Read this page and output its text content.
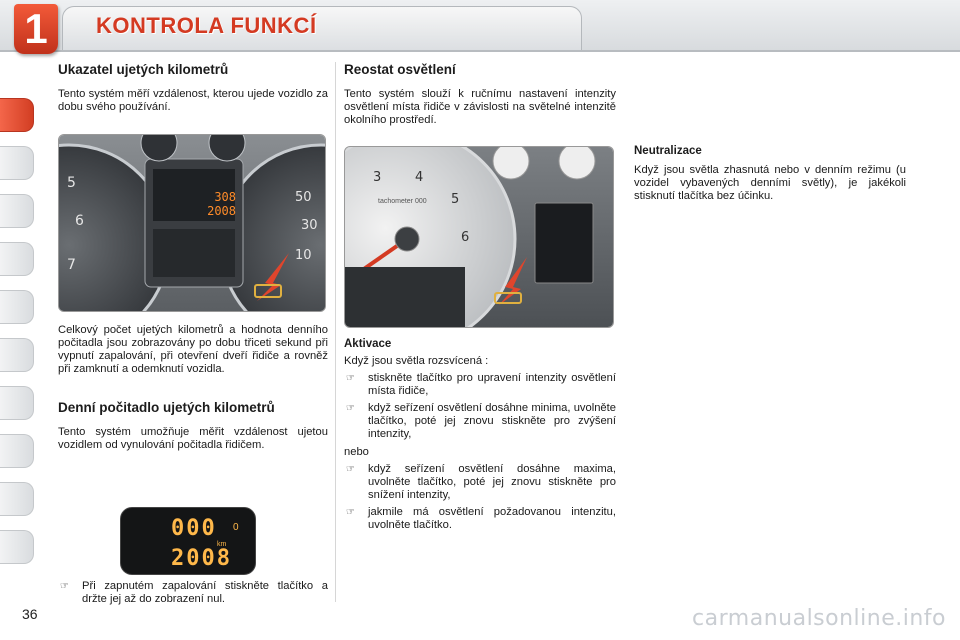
1	KONTROLA FUNKCÍ
Ukazatel ujetých kilometrů

Tento systém měří vzdálenost, kterou ujede vozidlo za dobu svého používání.

5
6
7
50
30
10
308
2008

Celkový počet ujetých kilometrů a hodnota denního počitadla jsou zobrazovány po dobu třiceti sekund při vypnutí zapalování, při otevření dveří řidiče a rovněž při zamknutí a odemknutí vozidla.

Denní počitadlo ujetých kilometrů

Tento systém umožňuje měřit vzdálenost ujetou vozidlem od vynulování počitadla řidičem.

000 0
km
2008
☞ Při zapnutém zapalování stiskněte tlačítko a držte jej až do zobrazení nul.
Reostat osvětlení

Tento systém slouží k ručnímu nastavení intenzity osvětlení místa řidiče v závislosti na světelné intenzitě okolního prostředí.

3	4
5
6
tachometer 000
Aktivace

Když jsou světla rozsvícená :

☞ stiskněte tlačítko pro upravení intenzity osvětlení místa řidiče,
☞ když seřízení osvětlení dosáhne minima, uvolněte tlačítko, poté jej znovu stiskněte pro zvýšení intenzity,

nebo

☞ když seřízení osvětlení dosáhne maxima, uvolněte tlačítko, poté jej znovu stiskněte pro snížení intenzity,
☞ jakmile má osvětlení požadovanou intenzitu, uvolněte tlačítko.
Neutralizace

Když jsou světla zhasnutá nebo v denním režimu (u vozidel vybavených denními světly), je jakékoli stisknutí tlačítka bez účinku.

36	carmanualsonline.info
